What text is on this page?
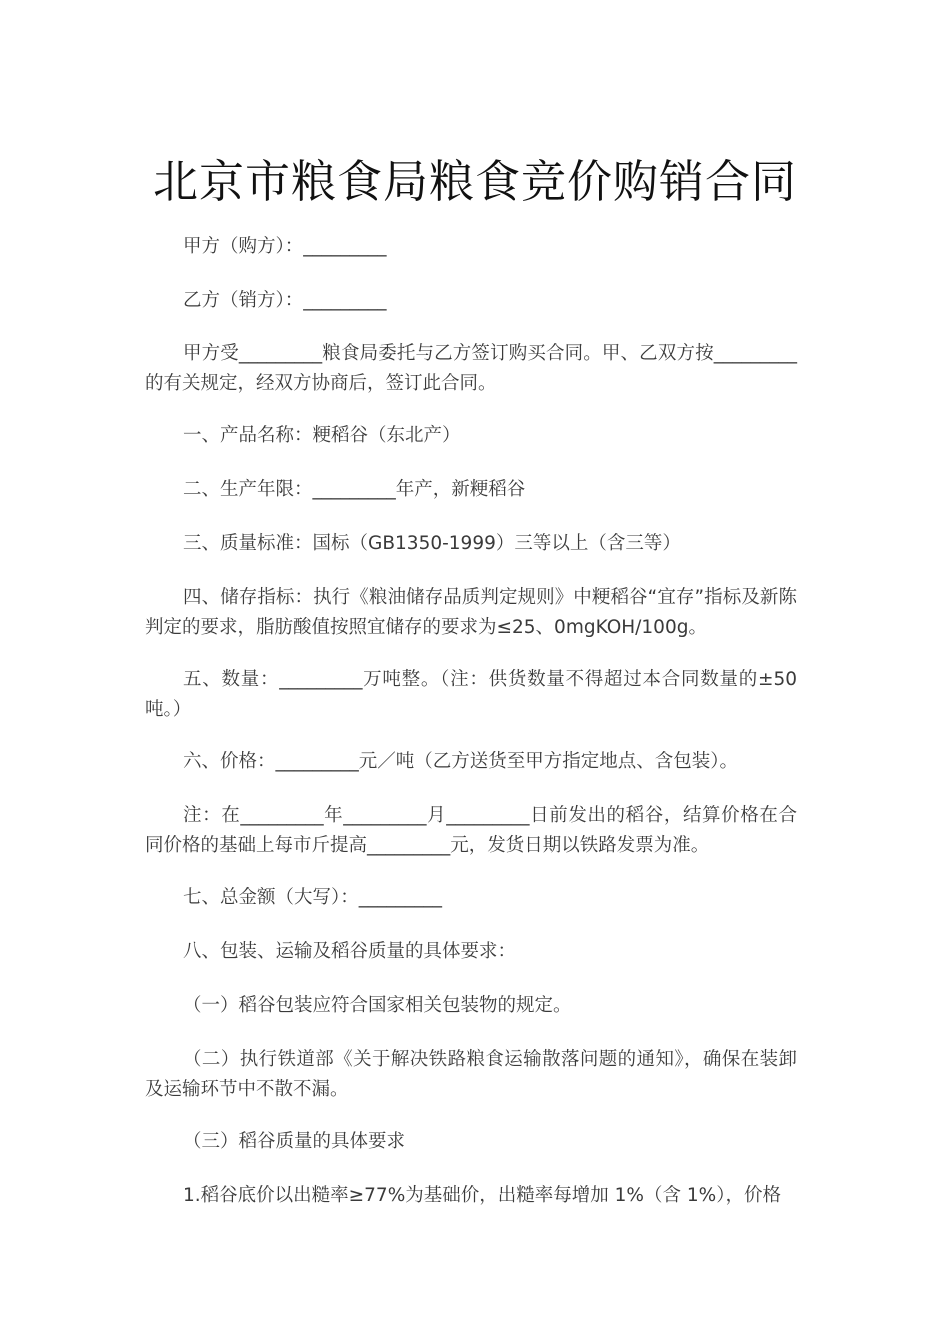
北京市粮食局粮食竞价购销合同

甲方（购方）：_________

乙方（销方）：_________

甲方受_________粮食局委托与乙方签订购买合同。甲、乙双方按_________的有关规定，经双方协商后，签订此合同。

一、产品名称：粳稻谷（东北产）

二、生产年限：_________年产，新粳稻谷

三、质量标准：国标（GB1350-1999）三等以上（含三等）

四、储存指标：执行《粮油储存品质判定规则》中粳稻谷“宜存”指标及新陈判定的要求，脂肪酸值按照宜储存的要求为≤25、0mgKOH/100g。

五、数量：_________万吨整。（注：供货数量不得超过本合同数量的±50 吨。）

六、价格：_________元／吨（乙方送货至甲方指定地点、含包装）。

注：在_________年_________月_________日前发出的稻谷，结算价格在合同价格的基础上每市斤提高_________元，发货日期以铁路发票为准。

七、总金额（大写）：_________

八、包装、运输及稻谷质量的具体要求：

（一）稻谷包装应符合国家相关包装物的规定。

（二）执行铁道部《关于解决铁路粮食运输散落问题的通知》，确保在装卸及运输环节中不散不漏。

（三）稻谷质量的具体要求

1.稻谷底价以出糙率≥77%为基础价，出糙率每增加 1%（含 1%），价格
